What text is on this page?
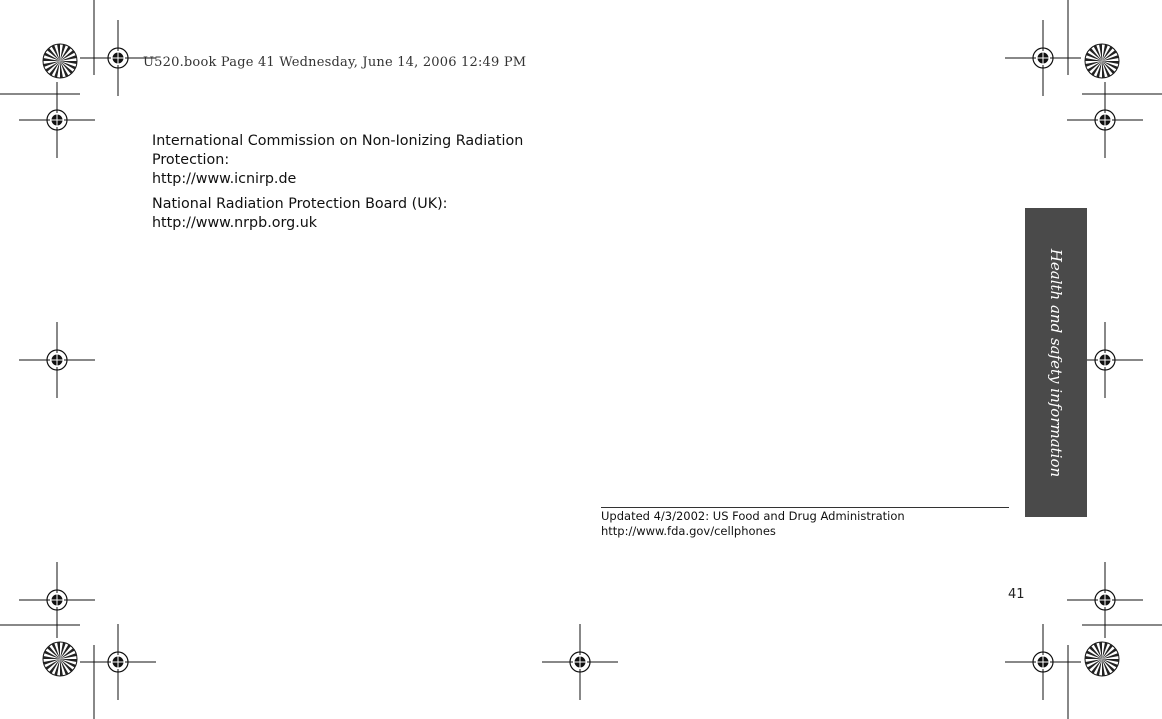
U520.book Page 41 Wednesday, June 14, 2006 12:49 PM
International Commission on Non-Ionizing Radiation
Protection:
http://www.icnirp.de
National Radiation Protection Board (UK):
http://www.nrpb.org.uk
Updated 4/3/2002: US Food and Drug Administration
http://www.fda.gov/cellphones
Health and safety information
41
